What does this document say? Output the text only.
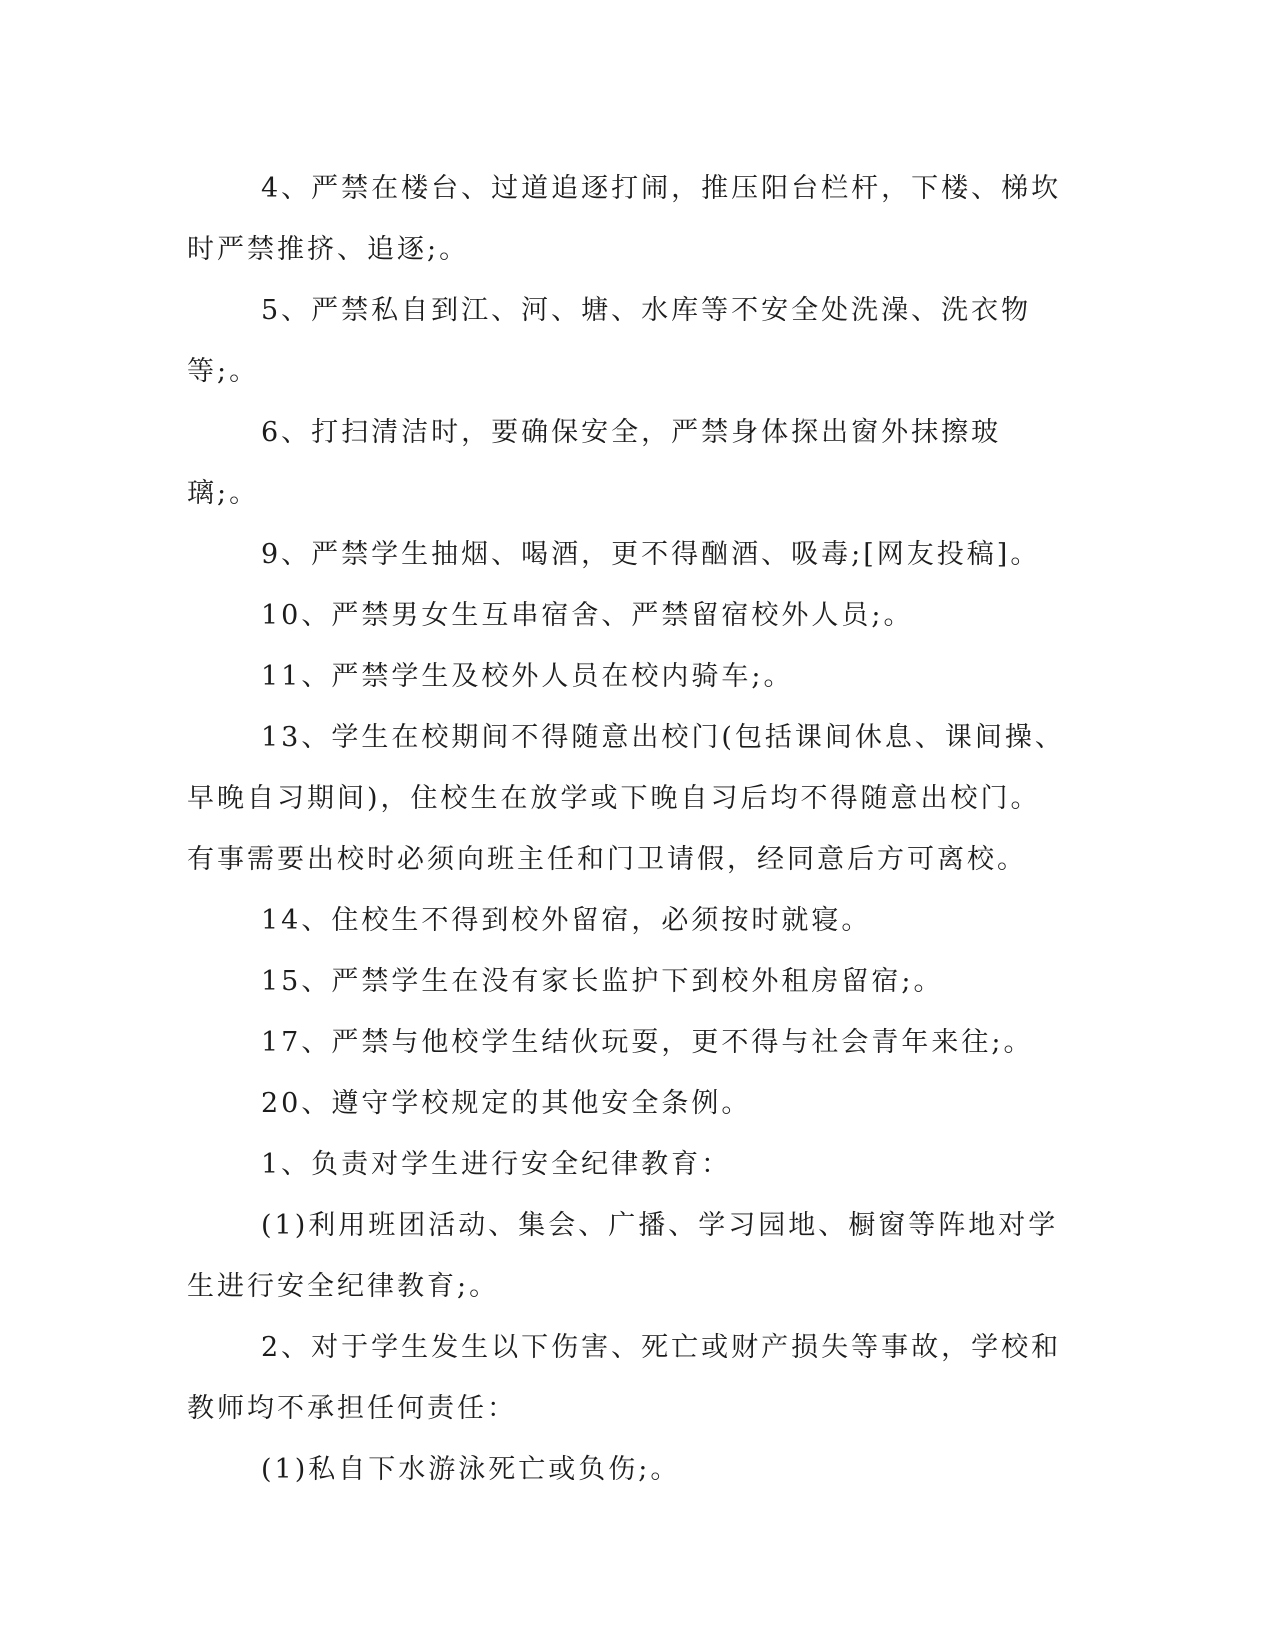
4、严禁在楼台、过道追逐打闹，推压阳台栏杆，下楼、梯坎时严禁推挤、追逐;。

5、严禁私自到江、河、塘、水库等不安全处洗澡、洗衣物等;。

6、打扫清洁时，要确保安全，严禁身体探出窗外抹擦玻璃;。

9、严禁学生抽烟、喝酒，更不得酗酒、吸毒;[网友投稿]。

10、严禁男女生互串宿舍、严禁留宿校外人员;。

11、严禁学生及校外人员在校内骑车;。

13、学生在校期间不得随意出校门(包括课间休息、课间操、早晚自习期间)，住校生在放学或下晚自习后均不得随意出校门。有事需要出校时必须向班主任和门卫请假，经同意后方可离校。

14、住校生不得到校外留宿，必须按时就寝。

15、严禁学生在没有家长监护下到校外租房留宿;。

17、严禁与他校学生结伙玩耍，更不得与社会青年来往;。

20、遵守学校规定的其他安全条例。

1、负责对学生进行安全纪律教育：

(1)利用班团活动、集会、广播、学习园地、橱窗等阵地对学生进行安全纪律教育;。

2、对于学生发生以下伤害、死亡或财产损失等事故，学校和教师均不承担任何责任：

(1)私自下水游泳死亡或负伤;。
